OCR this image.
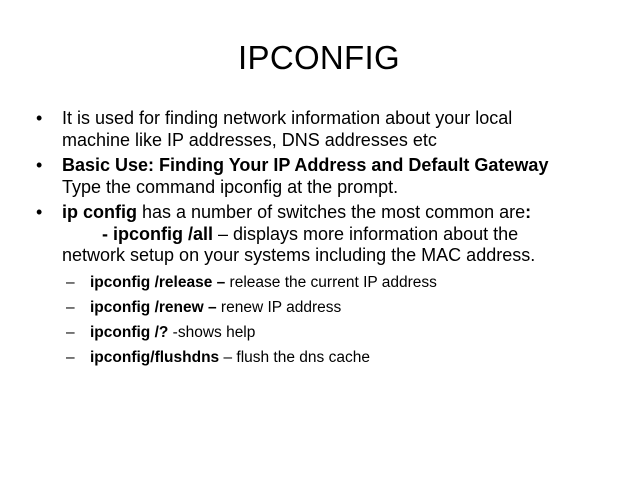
IPCONFIG
•	It is used for finding network information about your local
machine like IP addresses, DNS addresses etc
•	Basic Use: Finding Your IP Address and Default Gateway
Type the command ipconfig at the prompt.
•	ip config has a number of switches the most common are:
- ipconfig /all – displays more information about the
network setup on your systems including the MAC address.
– ipconfig /release – release the current IP address
– ipconfig /renew – renew IP address
– ipconfig /? -shows help
– ipconfig/flushdns – flush the dns cache
